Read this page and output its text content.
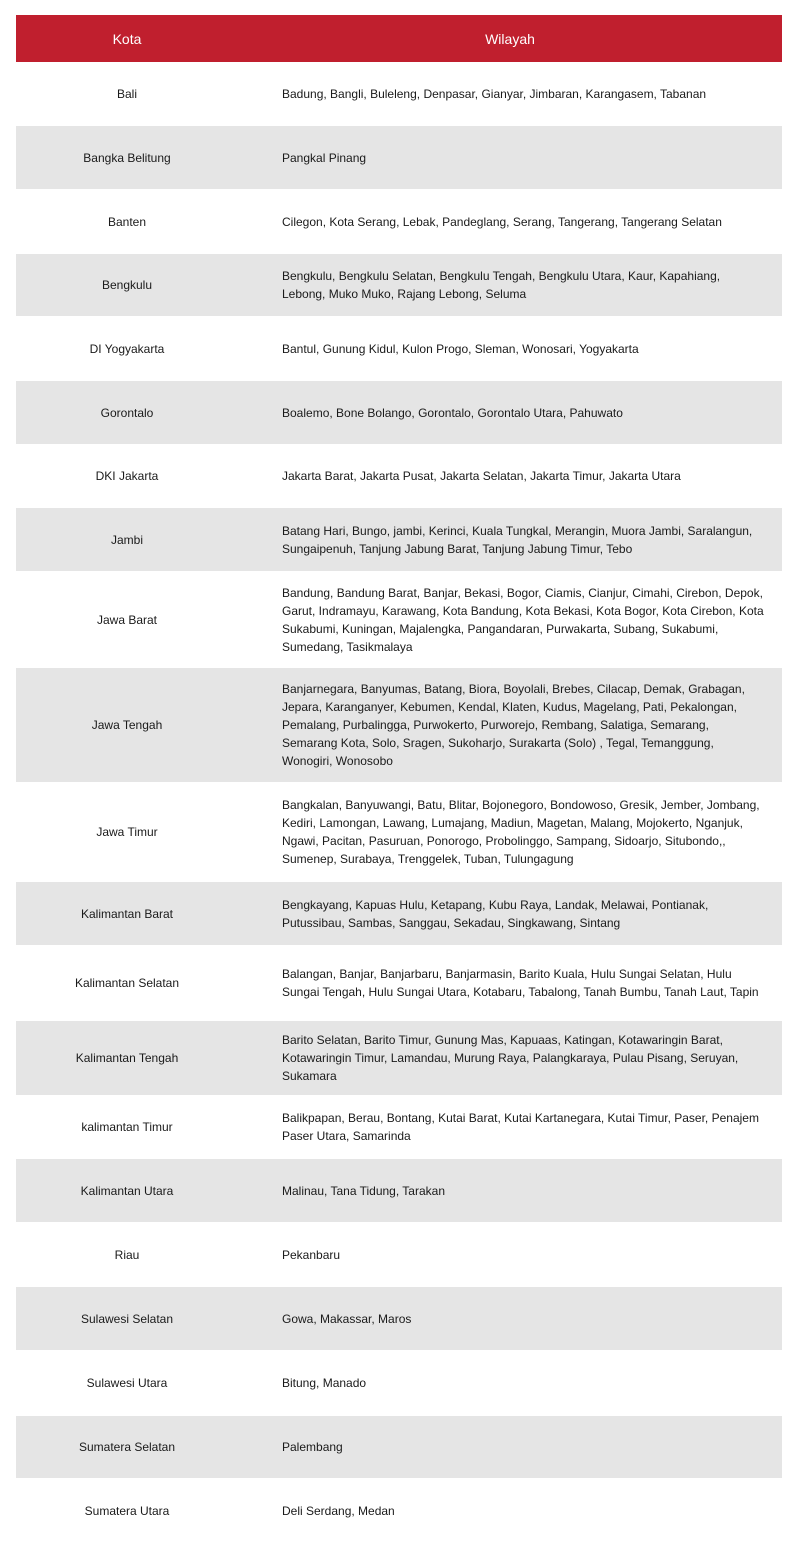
Kota	Wilayah
Bali	Badung, Bangli, Buleleng, Denpasar, Gianyar, Jimbaran, Karangasem, Tabanan
Bangka Belitung	Pangkal Pinang
Banten	Cilegon, Kota Serang, Lebak, Pandeglang, Serang, Tangerang, Tangerang Selatan
Bengkulu	Bengkulu, Bengkulu Selatan, Bengkulu Tengah, Bengkulu Utara, Kaur, Kapahiang, Lebong, Muko Muko, Rajang Lebong, Seluma
DI Yogyakarta	Bantul, Gunung Kidul, Kulon Progo, Sleman, Wonosari, Yogyakarta
Gorontalo	Boalemo, Bone Bolango, Gorontalo, Gorontalo Utara, Pahuwato
DKI Jakarta	Jakarta Barat, Jakarta Pusat, Jakarta Selatan, Jakarta Timur, Jakarta Utara
Jambi	Batang Hari, Bungo, jambi, Kerinci, Kuala Tungkal, Merangin, Muora Jambi, Saralangun, Sungaipenuh, Tanjung Jabung Barat, Tanjung Jabung Timur, Tebo
Jawa Barat	Bandung, Bandung Barat, Banjar, Bekasi, Bogor, Ciamis, Cianjur, Cimahi, Cirebon, Depok, Garut, Indramayu, Karawang, Kota Bandung, Kota Bekasi, Kota Bogor, Kota Cirebon, Kota Sukabumi, Kuningan, Majalengka, Pangandaran, Purwakarta, Subang, Sukabumi, Sumedang, Tasikmalaya
Jawa Tengah	Banjarnegara, Banyumas, Batang, Biora, Boyolali, Brebes, Cilacap, Demak, Grabagan, Jepara, Karanganyer, Kebumen, Kendal, Klaten, Kudus, Magelang, Pati, Pekalongan, Pemalang, Purbalingga, Purwokerto, Purworejo, Rembang, Salatiga, Semarang, Semarang Kota, Solo, Sragen, Sukoharjo, Surakarta (Solo) , Tegal, Temanggung, Wonogiri, Wonosobo
Jawa Timur	Bangkalan, Banyuwangi, Batu, Blitar, Bojonegoro, Bondowoso, Gresik, Jember, Jombang, Kediri, Lamongan, Lawang, Lumajang, Madiun, Magetan, Malang, Mojokerto, Nganjuk, Ngawi, Pacitan, Pasuruan, Ponorogo, Probolinggo, Sampang, Sidoarjo, Situbondo,, Sumenep, Surabaya, Trenggelek, Tuban, Tulungagung
Kalimantan Barat	Bengkayang, Kapuas Hulu, Ketapang, Kubu Raya, Landak, Melawai, Pontianak, Putussibau, Sambas, Sanggau, Sekadau, Singkawang, Sintang
Kalimantan Selatan	Balangan, Banjar, Banjarbaru, Banjarmasin, Barito Kuala, Hulu Sungai Selatan, Hulu Sungai Tengah, Hulu Sungai Utara, Kotabaru, Tabalong, Tanah Bumbu, Tanah Laut, Tapin
Kalimantan Tengah	Barito Selatan, Barito Timur, Gunung Mas, Kapuaas, Katingan, Kotawaringin Barat, Kotawaringin Timur, Lamandau, Murung Raya, Palangkaraya, Pulau Pisang, Seruyan, Sukamara
kalimantan Timur	Balikpapan, Berau, Bontang, Kutai Barat, Kutai Kartanegara, Kutai Timur, Paser, Penajem Paser Utara, Samarinda
Kalimantan Utara	Malinau, Tana Tidung, Tarakan
Riau	Pekanbaru
Sulawesi Selatan	Gowa, Makassar, Maros
Sulawesi Utara	Bitung, Manado
Sumatera Selatan	Palembang
Sumatera Utara	Deli Serdang, Medan
